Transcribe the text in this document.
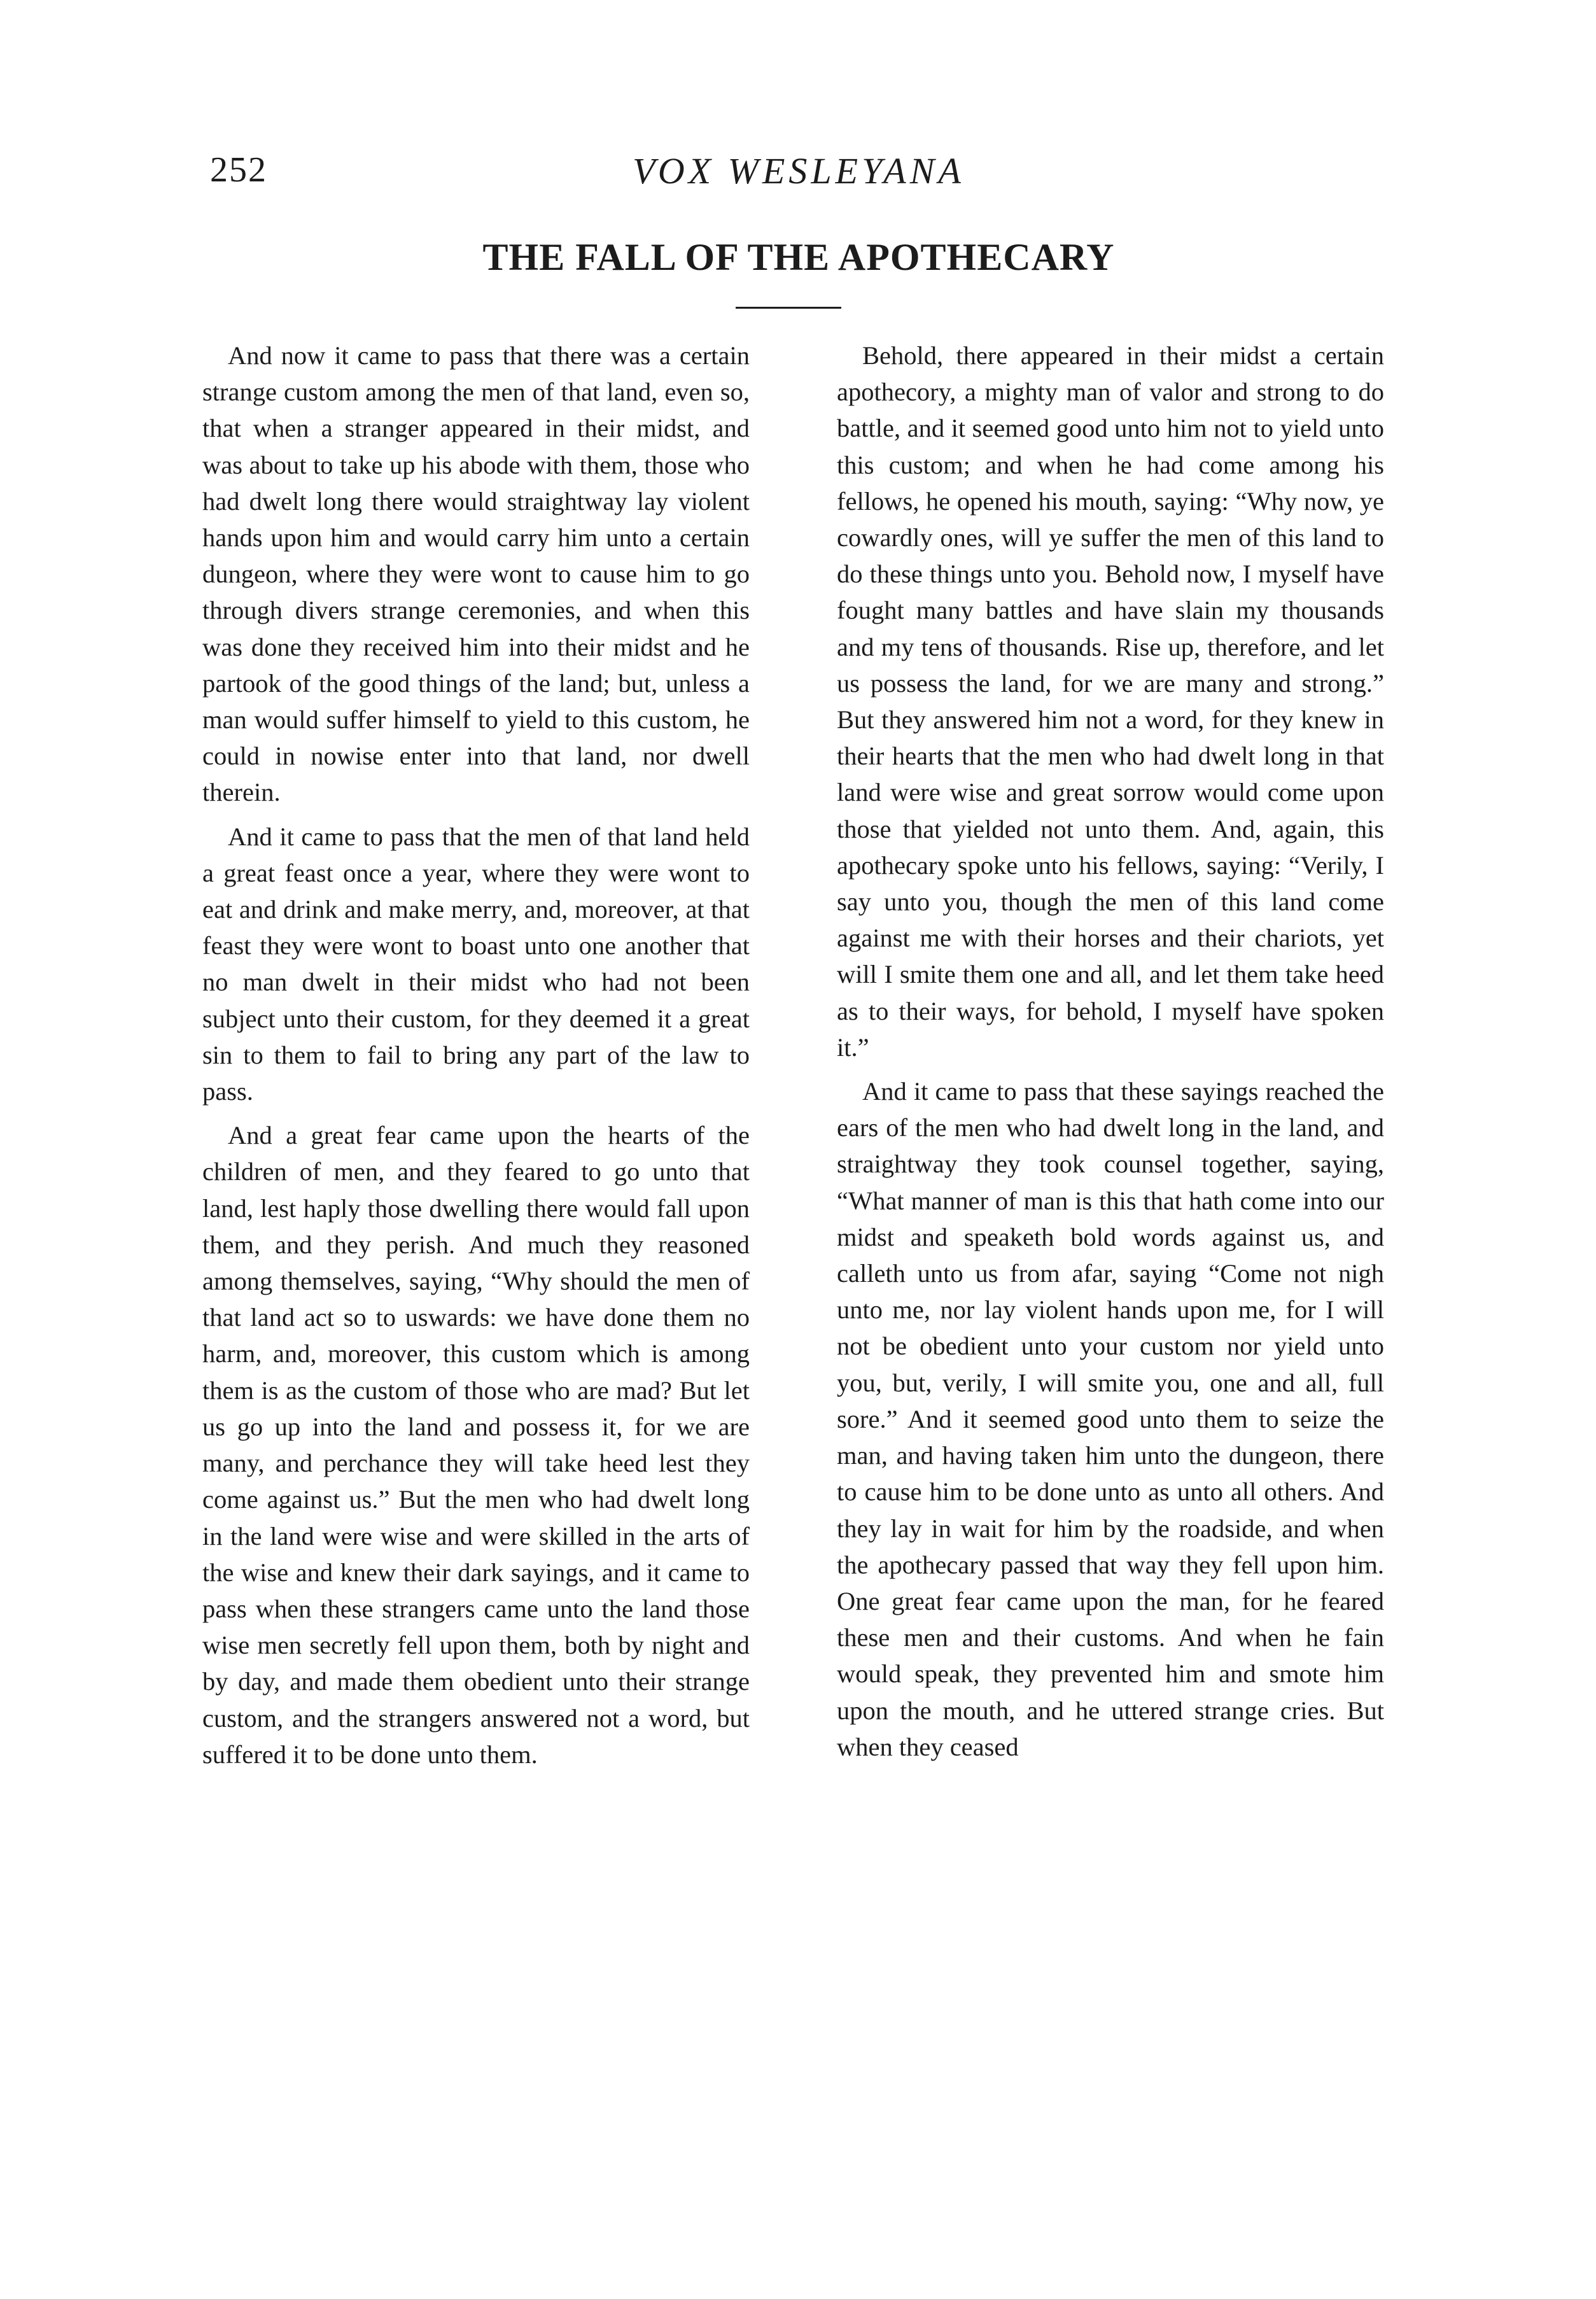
252	VOX WESLEYANA
THE FALL OF THE APOTHECARY

And now it came to pass that there was a certain strange custom among the men of that land, even so, that when a stranger appeared in their midst, and was about to take up his abode with them, those who had dwelt long there would straightway lay violent hands upon him and would carry him unto a certain dungeon, where they were wont to cause him to go through divers strange ceremonies, and when this was done they received him into their midst and he partook of the good things of the land; but, unless a man would suffer himself to yield to this custom, he could in nowise enter into that land, nor dwell therein.

And it came to pass that the men of that land held a great feast once a year, where they were wont to eat and drink and make merry, and, moreover, at that feast they were wont to boast unto one another that no man dwelt in their midst who had not been subject unto their custom, for they deemed it a great sin to them to fail to bring any part of the law to pass.

And a great fear came upon the hearts of the children of men, and they feared to go unto that land, lest haply those dwelling there would fall upon them, and they perish. And much they reasoned among themselves, saying, “Why should the men of that land act so to uswards: we have done them no harm, and, moreover, this custom which is among them is as the custom of those who are mad? But let us go up into the land and possess it, for we are many, and perchance they will take heed lest they come against us.” But the men who had dwelt long in the land were wise and were skilled in the arts of the wise and knew their dark sayings, and it came to pass when these strangers came unto the land those wise men secretly fell upon them, both by night and by day, and made them obedient unto their strange custom, and the strangers answered not a word, but suffered it to be done unto them.

Behold, there appeared in their midst a certain apothecory, a mighty man of valor and strong to do battle, and it seemed good unto him not to yield unto this custom; and when he had come among his fellows, he opened his mouth, saying: “Why now, ye cowardly ones, will ye suffer the men of this land to do these things unto you. Behold now, I myself have fought many battles and have slain my thousands and my tens of thousands. Rise up, therefore, and let us possess the land, for we are many and strong.” But they answered him not a word, for they knew in their hearts that the men who had dwelt long in that land were wise and great sorrow would come upon those that yielded not unto them. And, again, this apothecary spoke unto his fellows, saying: “Verily, I say unto you, though the men of this land come against me with their horses and their chariots, yet will I smite them one and all, and let them take heed as to their ways, for behold, I myself have spoken it.”

And it came to pass that these sayings reached the ears of the men who had dwelt long in the land, and straightway they took counsel together, saying, “What manner of man is this that hath come into our midst and speaketh bold words against us, and calleth unto us from afar, saying “Come not nigh unto me, nor lay violent hands upon me, for I will not be obedient unto your custom nor yield unto you, but, verily, I will smite you, one and all, full sore.” And it seemed good unto them to seize the man, and having taken him unto the dungeon, there to cause him to be done unto as unto all others. And they lay in wait for him by the roadside, and when the apothecary passed that way they fell upon him. One great fear came upon the man, for he feared these men and their customs. And when he fain would speak, they prevented him and smote him upon the mouth, and he uttered strange cries. But when they ceased
